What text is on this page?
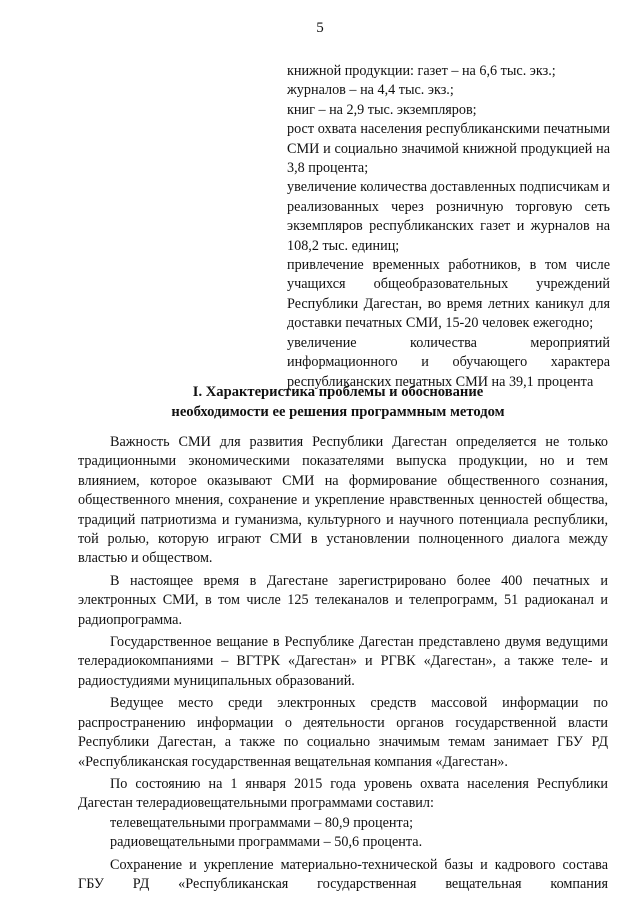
5
книжной продукции: газет – на 6,6 тыс. экз.;
журналов – на 4,4 тыс. экз.;
книг – на 2,9 тыс. экземпляров;
рост охвата населения республиканскими печатными СМИ и социально значимой книжной продукцией на 3,8 процента;
увеличение количества доставленных подписчикам и реализованных через розничную торговую сеть экземпляров республиканских газет и журналов на 108,2 тыс. единиц;
привлечение временных работников, в том числе учащихся общеобразовательных учреждений Республики Дагестан, во время летних каникул для доставки печатных СМИ, 15-20 человек ежегодно;
увеличение количества мероприятий информационного и обучающего характера республиканских печатных СМИ на 39,1 процента
I. Характеристика проблемы и обоснование
необходимости ее решения программным методом

Важность СМИ для развития Республики Дагестан определяется не только традиционными экономическими показателями выпуска продукции, но и тем влиянием, которое оказывают СМИ на формирование общественного сознания, общественного мнения, сохранение и укрепление нравственных ценностей общества, традиций патриотизма и гуманизма, культурного и научного потенциала республики, той ролью, которую играют СМИ в установлении полноценного диалога между властью и обществом.

В настоящее время в Дагестане зарегистрировано более 400 печатных и электронных СМИ, в том числе 125 телеканалов и телепрограмм, 51 радиоканал и радиопрограмма.

Государственное вещание в Республике Дагестан представлено двумя ведущими телерадиокомпаниями – ВГТРК «Дагестан» и РГВК «Дагестан», а также теле- и радиостудиями муниципальных образований.

Ведущее место среди электронных средств массовой информации по распространению информации о деятельности органов государственной власти Республики Дагестан, а также по социально значимым темам занимает ГБУ РД «Республиканская государственная вещательная компания «Дагестан».

По состоянию на 1 января 2015 года уровень охвата населения Республики Дагестан телерадиовещательными программами составил:

телевещательными программами – 80,9 процента;

радиовещательными программами – 50,6 процента.

Сохранение и укрепление материально-технической базы и кадрового состава ГБУ РД «Республиканская государственная вещательная компания
